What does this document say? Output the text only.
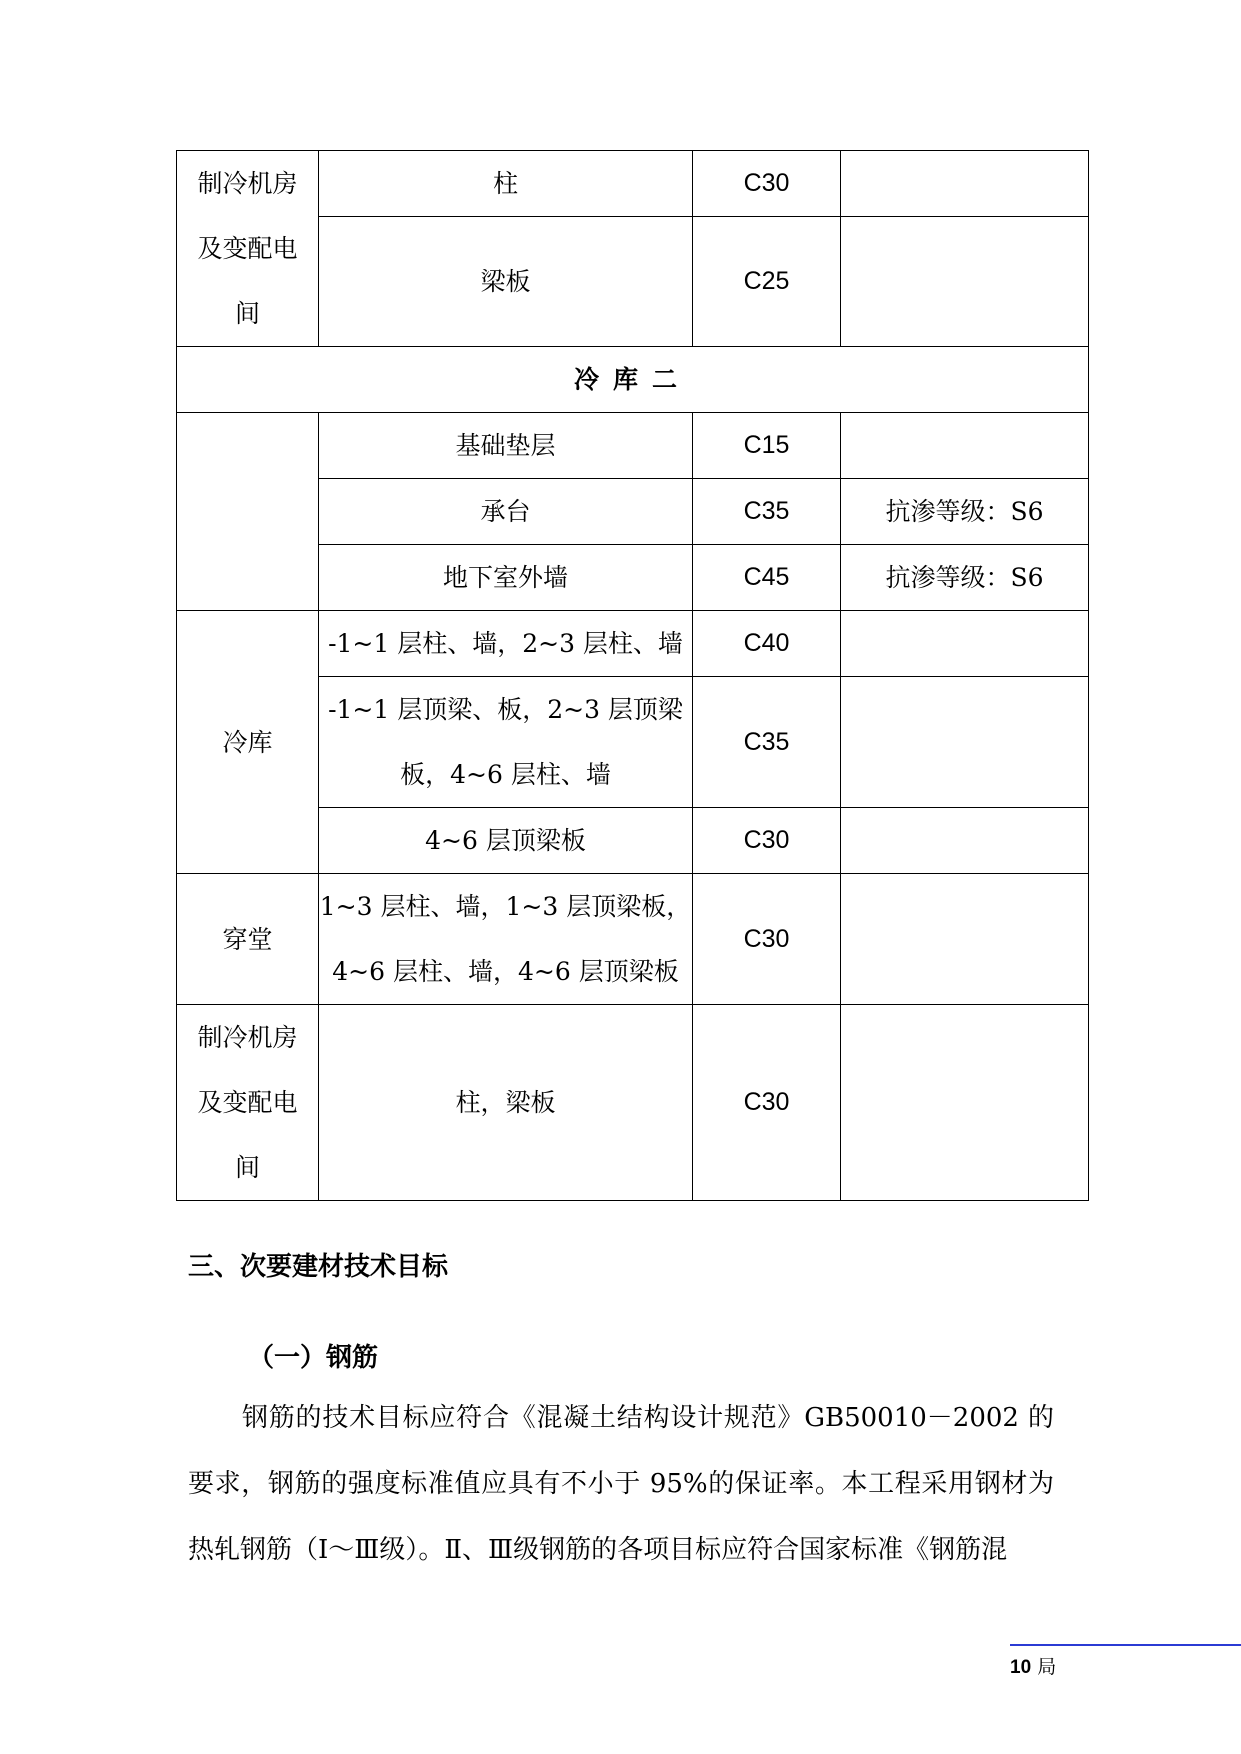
制冷机房
及变配电
间	柱	C30	
	梁板	C25	
冷库二			
	基础垫层	C15	
	承台	C35	抗渗等级：S6
	地下室外墙	C45	抗渗等级：S6
冷库	-1~1 层柱、墙，2~3 层柱、墙	C40	

	-1~1 层顶梁、板，2~3 层顶梁
板，4~6 层柱、墙	C35	
	4~6 层顶梁板	C30	
穿堂	1~3 层柱、墙，1~3 层顶梁板，
4~6 层柱、墙，4~6 层顶梁板	C30	

制冷机房
及变配电
间	柱，梁板	C30	
三、次要建材技术目标
（一）钢筋

钢筋的技术目标应符合《混凝土结构设计规范》GB50010－2002 的要求，钢筋的强度标准值应具有不小于 95%的保证率。本工程采用钢材为热轧钢筋（Ⅰ～Ⅲ级）。Ⅱ、Ⅲ级钢筋的各项目标应符合国家标准《钢筋混

10 局
